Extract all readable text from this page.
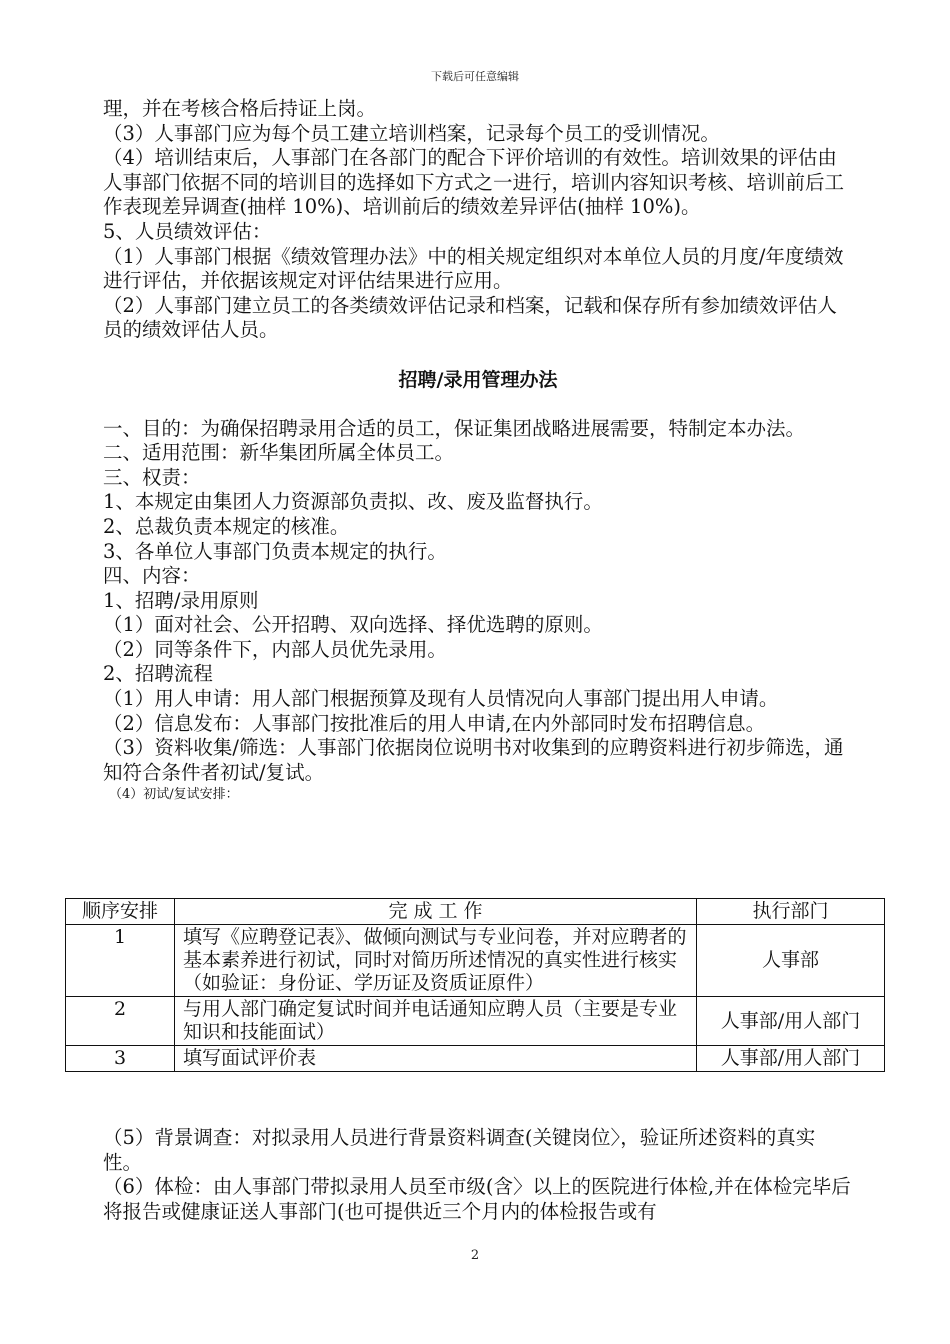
下载后可任意编辑

理，并在考核合格后持证上岗。

（3）人事部门应为每个员工建立培训档案，记录每个员工的受训情况。

（4）培训结束后，人事部门在各部门的配合下评价培训的有效性。培训效果的评估由人事部门依据不同的培训目的选择如下方式之一进行，培训内容知识考核、培训前后工作表现差异调查(抽样 10%)、培训前后的绩效差异评估(抽样 10%)。

5、人员绩效评估：

（1）人事部门根据《绩效管理办法》中的相关规定组织对本单位人员的月度/年度绩效进行评估，并依据该规定对评估结果进行应用。

（2）人事部门建立员工的各类绩效评估记录和档案，记载和保存所有参加绩效评估人员的绩效评估人员。

招聘/录用管理办法

一、目的：为确保招聘录用合适的员工，保证集团战略进展需要，特制定本办法。

二、适用范围：新华集团所属全体员工。

三、权责：

1、本规定由集团人力资源部负责拟、改、废及监督执行。

2、总裁负责本规定的核准。

3、各单位人事部门负责本规定的执行。

四、内容：

1、招聘/录用原则

（1）面对社会、公开招聘、双向选择、择优选聘的原则。

（2）同等条件下，内部人员优先录用。

2、招聘流程

（1）用人申请：用人部门根据预算及现有人员情况向人事部门提出用人申请。

（2）信息发布：人事部门按批准后的用人申请,在内外部同时发布招聘信息。

（3）资料收集/筛选：人事部门依据岗位说明书对收集到的应聘资料进行初步筛选，通知符合条件者初试/复试。

（4）初试/复试安排：

顺序安排	完 成 工 作	执行部门
1	填写《应聘登记表》、做倾向测试与专业问卷，并对应聘者的基本素养进行初试，同时对简历所述情况的真实性进行核实（如验证：身份证、学历证及资质证原件）	人事部
2	与用人部门确定复试时间并电话通知应聘人员（主要是专业知识和技能面试）	人事部/用人部门
3	填写面试评价表	人事部/用人部门

（5）背景调查：对拟录用人员进行背景资料调查(关键岗位〉，验证所述资料的真实性。

（6）体检：由人事部门带拟录用人员至市级(含〉以上的医院进行体检,并在体检完毕后将报告或健康证送人事部门(也可提供近三个月内的体检报告或有

2
